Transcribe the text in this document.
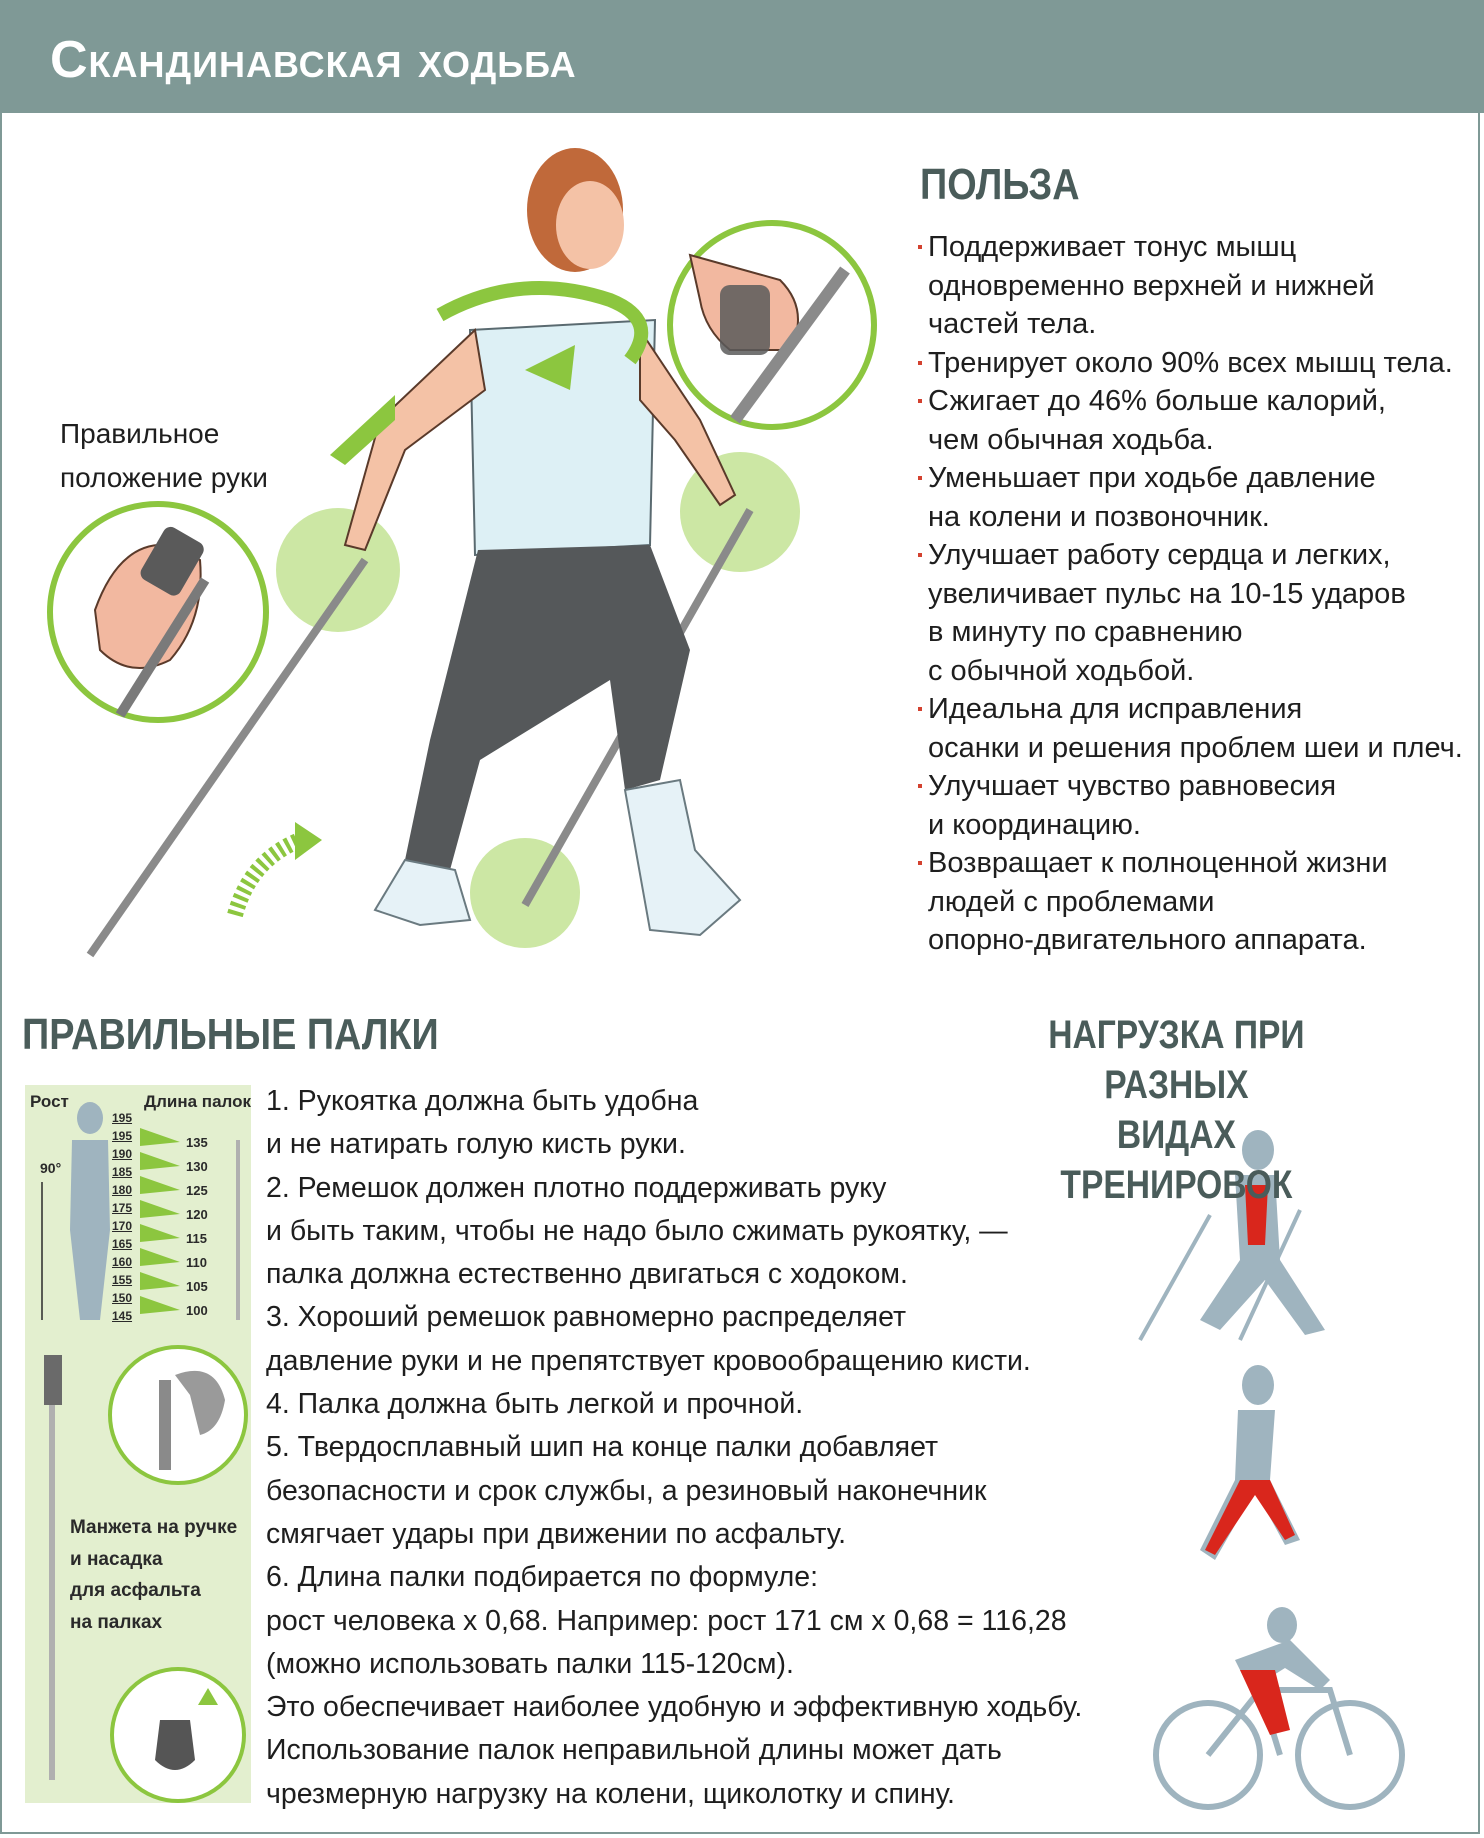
Скандинавская ходьба
ПОЛЬЗА
Поддерживает тонус мышц
одновременно верхней и нижней
частей тела.
Тренирует около 90% всех мышц тела.
Сжигает до 46% больше калорий,
чем обычная ходьба.
Уменьшает при ходьбе давление
на колени и позвоночник.
Улучшает работу сердца и легких,
увеличивает пульс на 10-15 ударов
в минуту по сравнению
с обычной ходьбой.
Идеальна для исправления
осанки и решения проблем шеи и плеч.
Улучшает чувство равновесия
и координацию.
Возвращает к полноценной жизни
людей с проблемами
опорно-двигательного аппарата.

Правильное
положение руки

ПРАВИЛЬНЫЕ ПАЛКИ
1. Рукоятка должна быть удобна
и не натирать голую кисть руки.
2. Ремешок должен плотно поддерживать руку
и быть таким, чтобы не надо было сжимать рукоятку, —
палка должна естественно двигаться с ходоком.
3. Хороший ремешок равномерно распределяет
давление руки и не препятствует кровообращению кисти.
4. Палка должна быть легкой и прочной.
5. Твердосплавный шип на конце палки добавляет
безопасности и срок службы, а резиновый наконечник
смягчает удары при движении по асфальту.
6. Длина палки подбирается по формуле:
рост человека х 0,68. Например: рост 171 см х 0,68 = 116,28
(можно использовать палки 115-120см).
Это обеспечивает наиболее удобную и эффективную ходьбу.
Использование палок неправильной длины может дать
чрезмерную нагрузку на колени, щиколотку и спину.
Рост	Длина палок
90°
195
195
190
185
180
175
170
165
160
155
150
145
135
130
125
120
115
110
105
100

Манжета на ручке
и насадка
для асфальта
на палках

НАГРУЗКА ПРИ РАЗНЫХ
ВИДАХ ТРЕНИРОВОК
